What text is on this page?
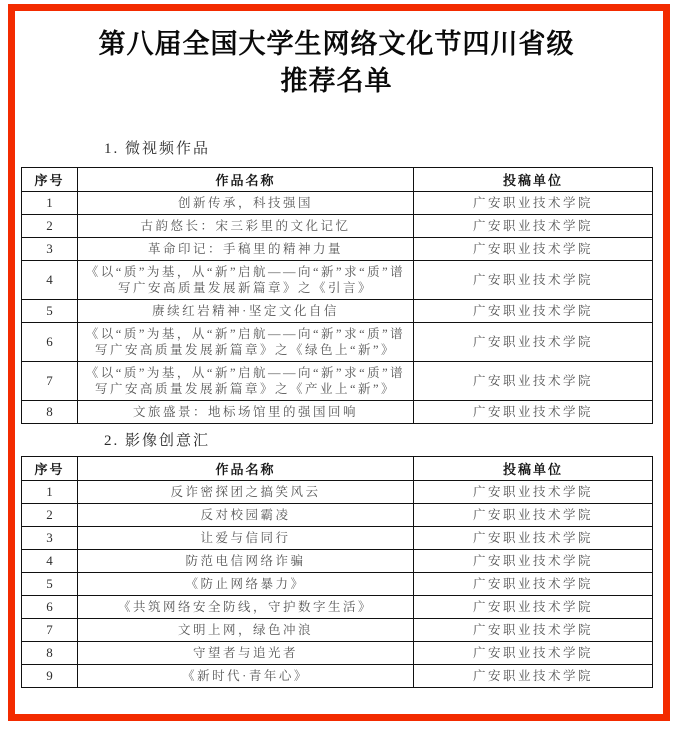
第八届全国大学生网络文化节四川省级
推荐名单
1. 微视频作品
序号	作品名称	投稿单位
1	创新传承，科技强国	广安职业技术学院
2	古韵悠长：宋三彩里的文化记忆	广安职业技术学院
3	革命印记：手稿里的精神力量	广安职业技术学院
4	《以“质”为基，从“新”启航——向“新”求“质”谱写广安高质量发展新篇章》之《引言》	广安职业技术学院
5	赓续红岩精神·坚定文化自信	广安职业技术学院
6	《以“质”为基，从“新”启航——向“新”求“质”谱写广安高质量发展新篇章》之《绿色上“新”》	广安职业技术学院
7	《以“质”为基，从“新”启航——向“新”求“质”谱写广安高质量发展新篇章》之《产业上“新”》	广安职业技术学院
8	文旅盛景：地标场馆里的强国回响	广安职业技术学院
2. 影像创意汇
序号	作品名称	投稿单位
1	反诈密探团之搞笑风云	广安职业技术学院
2	反对校园霸凌	广安职业技术学院
3	让爱与信同行	广安职业技术学院
4	防范电信网络诈骗	广安职业技术学院
5	《防止网络暴力》	广安职业技术学院
6	《共筑网络安全防线，守护数字生活》	广安职业技术学院
7	文明上网，绿色冲浪	广安职业技术学院
8	守望者与追光者	广安职业技术学院
9	《新时代·青年心》	广安职业技术学院
